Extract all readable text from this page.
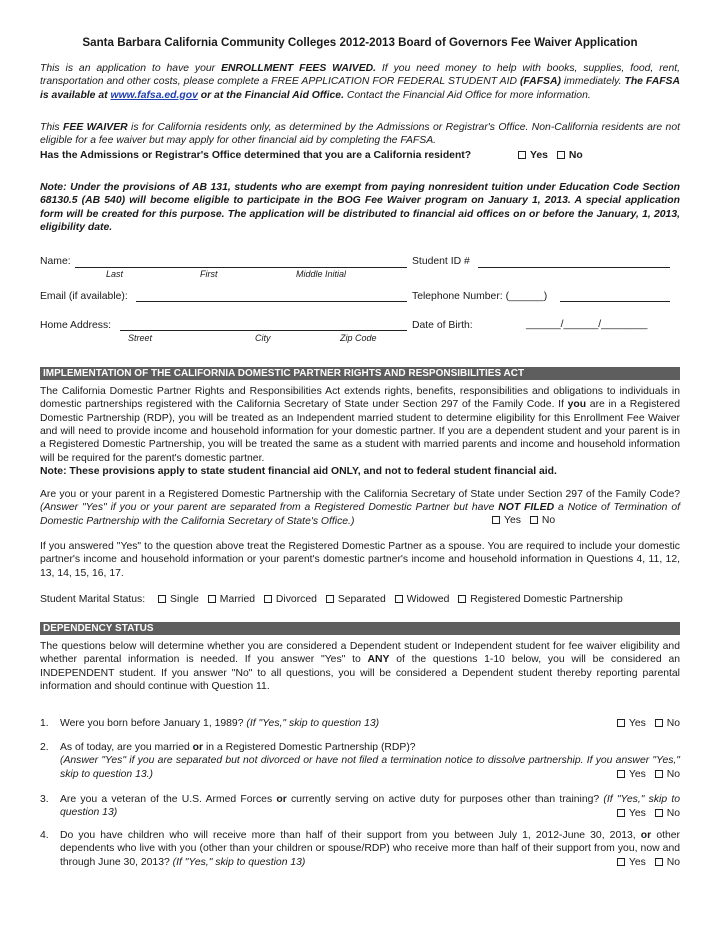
Santa Barbara California Community Colleges 2012-2013 Board of Governors Fee Waiver Application

This is an application to have your ENROLLMENT FEES WAIVED. If you need money to help with books, supplies, food, rent, transportation and other costs, please complete a FREE APPLICATION FOR FEDERAL STUDENT AID (FAFSA) immediately. The FAFSA is available at www.fafsa.ed.gov or at the Financial Aid Office. Contact the Financial Aid Office for more information.

This FEE WAIVER is for California residents only, as determined by the Admissions or Registrar's Office. Non-California residents are not eligible for a fee waiver but may apply for other financial aid by completing the FAFSA.

Has the Admissions or Registrar's Office determined that you are a California resident?	Yes No

Note: Under the provisions of AB 131, students who are exempt from paying nonresident tuition under Education Code Section 68130.5 (AB 540) will become eligible to participate in the BOG Fee Waiver program on January 1, 2013. A special application form will be created for this purpose. The application will be distributed to financial aid offices on or before the January, 1, 2013, eligibility date.

Name:
Last	First	Middle Initial
Student ID #
Email (if available):	Telephone Number: (______)
Home Address:
Street	City	Zip Code
Date of Birth:	______/______/________
IMPLEMENTATION OF THE CALIFORNIA DOMESTIC PARTNER RIGHTS AND RESPONSIBILITIES ACT

The California Domestic Partner Rights and Responsibilities Act extends rights, benefits, responsibilities and obligations to individuals in domestic partnerships registered with the California Secretary of State under Section 297 of the Family Code. If you are in a Registered Domestic Partnership (RDP), you will be treated as an Independent married student to determine eligibility for this Enrollment Fee Waiver and will need to provide income and household information for your domestic partner. If you are a dependent student and your parent is in a Registered Domestic Partnership, you will be treated the same as a student with married parents and income and household information will be required for the parent's domestic partner.

Note: These provisions apply to state student financial aid ONLY, and not to federal student financial aid.

Are you or your parent in a Registered Domestic Partnership with the California Secretary of State under Section 297 of the Family Code? (Answer "Yes" if you or your parent are separated from a Registered Domestic Partner but have NOT FILED a Notice of Termination of Domestic Partnership with the California Secretary of State's Office.)	Yes No

If you answered "Yes" to the question above treat the Registered Domestic Partner as a spouse. You are required to include your domestic partner's income and household information or your parent's domestic partner's income and household information in Questions 4, 11, 12, 13, 14, 15, 16, 17.

Student Marital Status: Single Married Divorced Separated Widowed Registered Domestic Partnership
DEPENDENCY STATUS

The questions below will determine whether you are considered a Dependent student or Independent student for fee waiver eligibility and whether parental information is needed. If you answer "Yes" to ANY of the questions 1-10 below, you will be considered an INDEPENDENT student. If you answer "No" to all questions, you will be considered a Dependent student thereby reporting parental information and should continue with Question 11.

1. Were you born before January 1, 1989? (If "Yes," skip to question 13)	Yes No
2. As of today, are you married or in a Registered Domestic Partnership (RDP)?
(Answer "Yes" if you are separated but not divorced or have not filed a termination notice to dissolve partnership. If you answer "Yes," skip to question 13.)	Yes No
3. Are you a veteran of the U.S. Armed Forces or currently serving on active duty for purposes other than training? (If "Yes," skip to question 13)	Yes No
4. Do you have children who will receive more than half of their support from you between July 1, 2012-June 30, 2013, or other dependents who live with you (other than your children or spouse/RDP) who receive more than half of their support from you, now and through June 30, 2013? (If "Yes," skip to question 13)	Yes No
